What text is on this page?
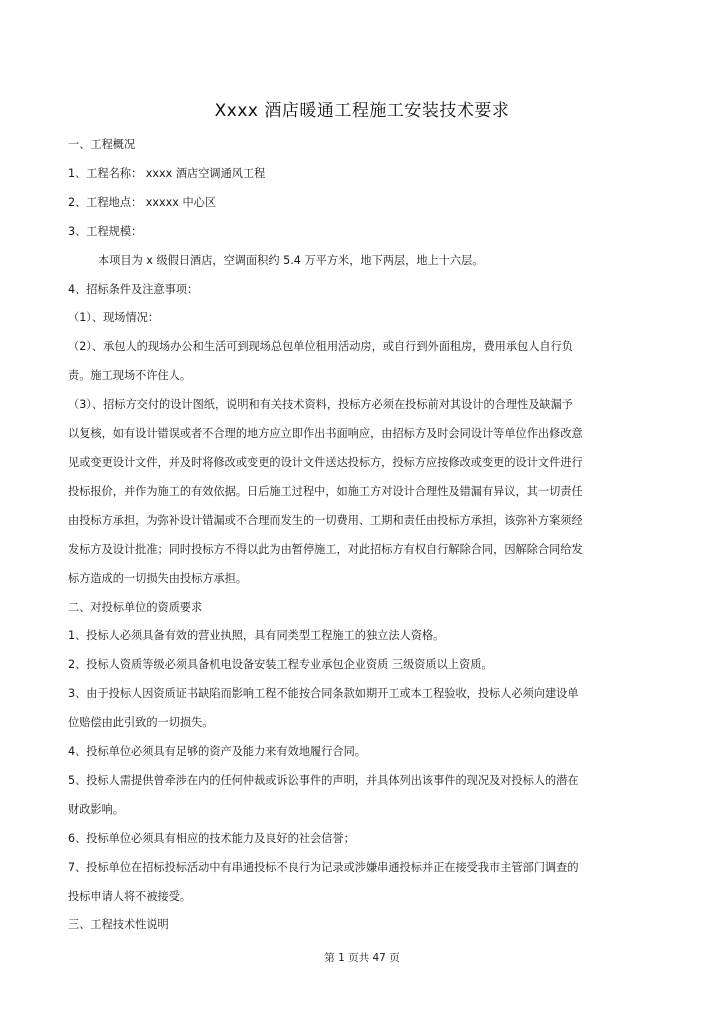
Xxxx 酒店暖通工程施工安装技术要求

一、工程概况

1、工程名称： xxxx 酒店空调通风工程

2、工程地点： xxxxx 中心区

3、工程规模：

本项目为 x 级假日酒店，空调面积约 5.4 万平方米，地下两层，地上十六层。

4、招标条件及注意事项：

（1）、现场情况：

（2）、承包人的现场办公和生活可到现场总包单位租用活动房，或自行到外面租房，费用承包人自行负

责。施工现场不许住人。

（3）、招标方交付的设计图纸，说明和有关技术资料，投标方必须在投标前对其设计的合理性及缺漏予

以复核，如有设计错误或者不合理的地方应立即作出书面响应，由招标方及时会同设计等单位作出修改意

见或变更设计文件，并及时将修改或变更的设计文件送达投标方，投标方应按修改或变更的设计文件进行

投标报价，并作为施工的有效依据。日后施工过程中，如施工方对设计合理性及错漏有异议，其一切责任

由投标方承担，为弥补设计错漏或不合理而发生的一切费用、工期和责任由投标方承担，该弥补方案须经

发标方及设计批准；同时投标方不得以此为由暂停施工，对此招标方有权自行解除合同，因解除合同给发

标方造成的一切损失由投标方承担。

二、对投标单位的资质要求

1、投标人必须具备有效的营业执照，具有同类型工程施工的独立法人资格。

2、投标人资质等级必须具备机电设备安装工程专业承包企业资质 三级资质以上资质。

3、由于投标人因资质证书缺陷而影响工程不能按合同条款如期开工或本工程验收，投标人必须向建设单

位赔偿由此引致的一切损失。

4、投标单位必须具有足够的资产及能力来有效地履行合同。

5、投标人需提供曾牵涉在内的任何仲裁或诉讼事件的声明，并具体列出该事件的现况及对投标人的潜在

财政影响。

6、投标单位必须具有相应的技术能力及良好的社会信誉；

7、投标单位在招标投标活动中有串通投标不良行为记录或涉嫌串通投标并正在接受我市主管部门调查的

投标申请人将不被接受。

三、工程技术性说明

第 1 页共 47 页
